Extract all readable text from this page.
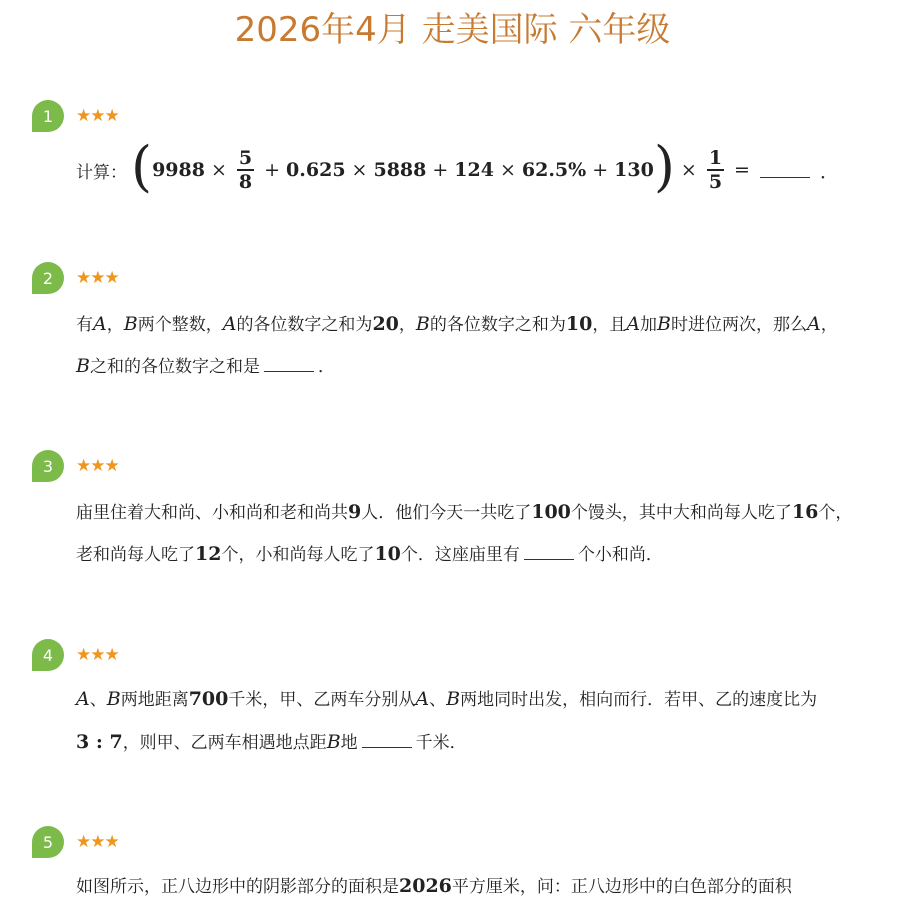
2026年4月 走美国际 六年级
1	★★★
计算： ( $9988 \times \frac{5}{8} + 0.625 \times 5888 + 124 \times 62.5\% + 130$ ) × $\frac{1}{5}$ =	．
2	★★★
有A，B两个整数，A的各位数字之和为20，B的各位数字之和为10，且A加B时进位两次，那么A，
B之和的各位数字之和是	．
3	★★★
庙里住着大和尚、小和尚和老和尚共9人．他们今天一共吃了100个馒头，其中大和尚每人吃了16个，
老和尚每人吃了12个，小和尚每人吃了10个．这座庙里有	个小和尚．
4	★★★
A、B两地距离700千米，甲、乙两车分别从A、B两地同时出发，相向而行．若甲、乙的速度比为
3 : 7，则甲、乙两车相遇地点距B地	千米．
5	★★★
如图所示，正八边形中的阴影部分的面积是2026平方厘米，问：正八边形中的白色部分的面积
